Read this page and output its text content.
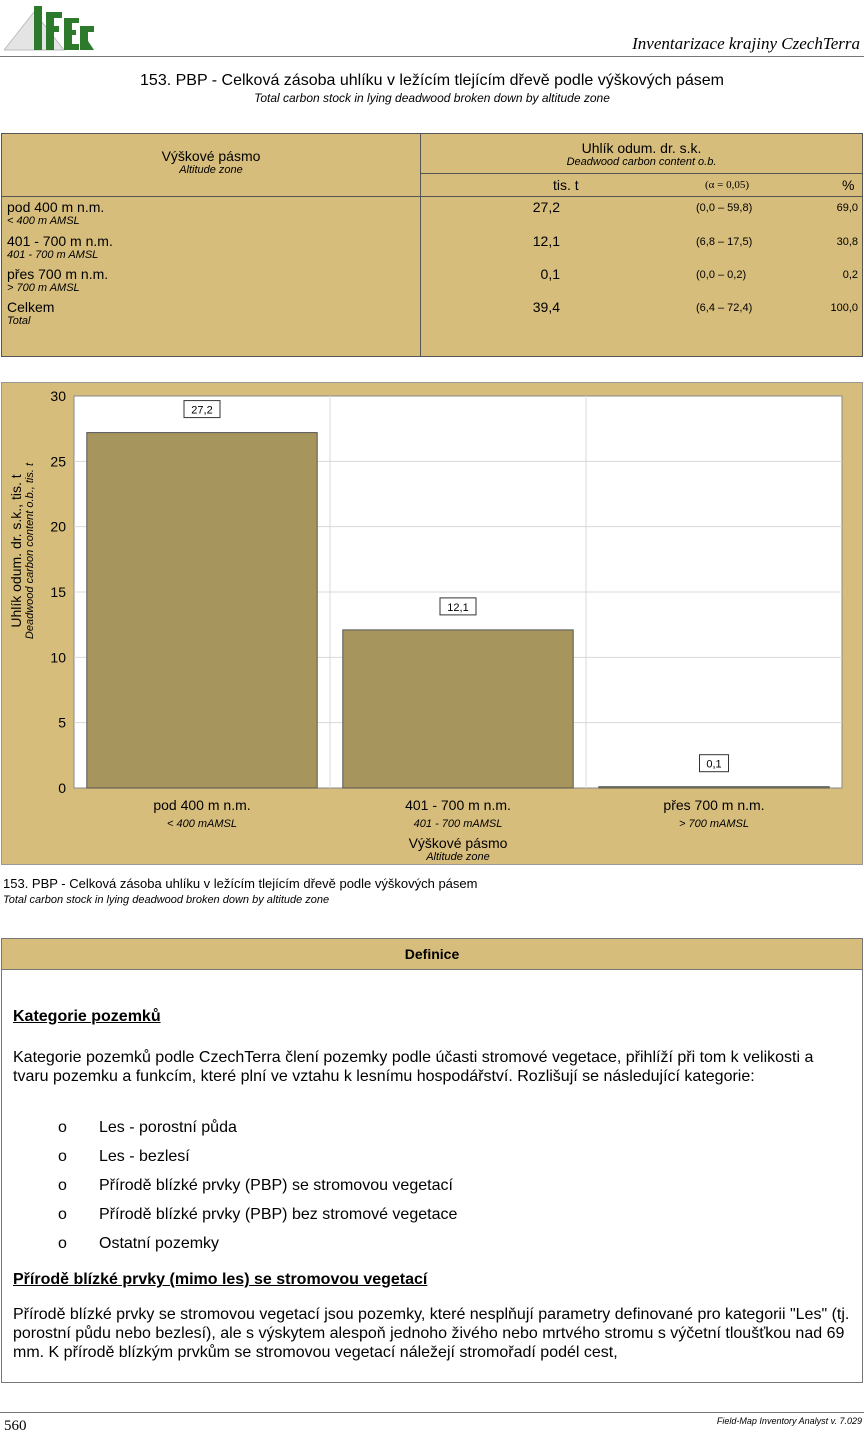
Inventarizace krajiny CzechTerra
153. PBP - Celková zásoba uhlíku v ležícím tlejícím dřevě podle výškových pásem
Total carbon stock in lying deadwood broken down by altitude zone
Výškové pásmo
Altitude zone
Uhlík odum. dr. s.k.
Deadwood carbon content o.b.
tis. t	(α = 0,05)	%
pod 400 m n.m.
< 400 m AMSL
27,2	(0,0 – 59,8)	69,0
401 - 700 m n.m.
401 - 700 m AMSL
12,1	(6,8 – 17,5)	30,8
přes 700 m n.m.
> 700 m AMSL
0,1	(0,0 – 0,2)	0,2
Celkem
Total
39,4	(6,4 – 72,4)	100,0
27,2
12,1
0,1
0
5
10
15
20
25
30
pod 400 m n.m.
< 400 mAMSL
401 - 700 m n.m.
401 - 700 mAMSL
přes 700 m n.m.
> 700 mAMSL
Uhlík odum. dr. s.k., tis. t Deadwood carbon content o.b., tis. t
Výškové pásmo
Altitude zone
153. PBP - Celková zásoba uhlíku v ležícím tlejícím dřevě podle výškových pásem
Total carbon stock in lying deadwood broken down by altitude zone
Definice
Kategorie pozemků
Kategorie pozemků podle CzechTerra člení pozemky podle účasti stromové vegetace, přihlíží při tom k velikosti a tvaru pozemku a funkcím, které plní ve vztahu k lesnímu hospodářství. Rozlišují se následující kategorie:
o Les - porostní půda
o Les - bezlesí
o Přírodě blízké prvky (PBP) se stromovou vegetací
o Přírodě blízké prvky (PBP) bez stromové vegetace
o Ostatní pozemky
Přírodě blízké prvky (mimo les) se stromovou vegetací
Přírodě blízké prvky se stromovou vegetací jsou pozemky, které nesplňují parametry definované pro kategorii "Les" (tj. porostní půdu nebo bezlesí), ale s výskytem alespoň jednoho živého nebo mrtvého stromu s výčetní tloušťkou nad 69 mm. K přírodě blízkým prvkům se stromovou vegetací náležejí stromořadí podél cest,
560	Field-Map Inventory Analyst v. 7.029
